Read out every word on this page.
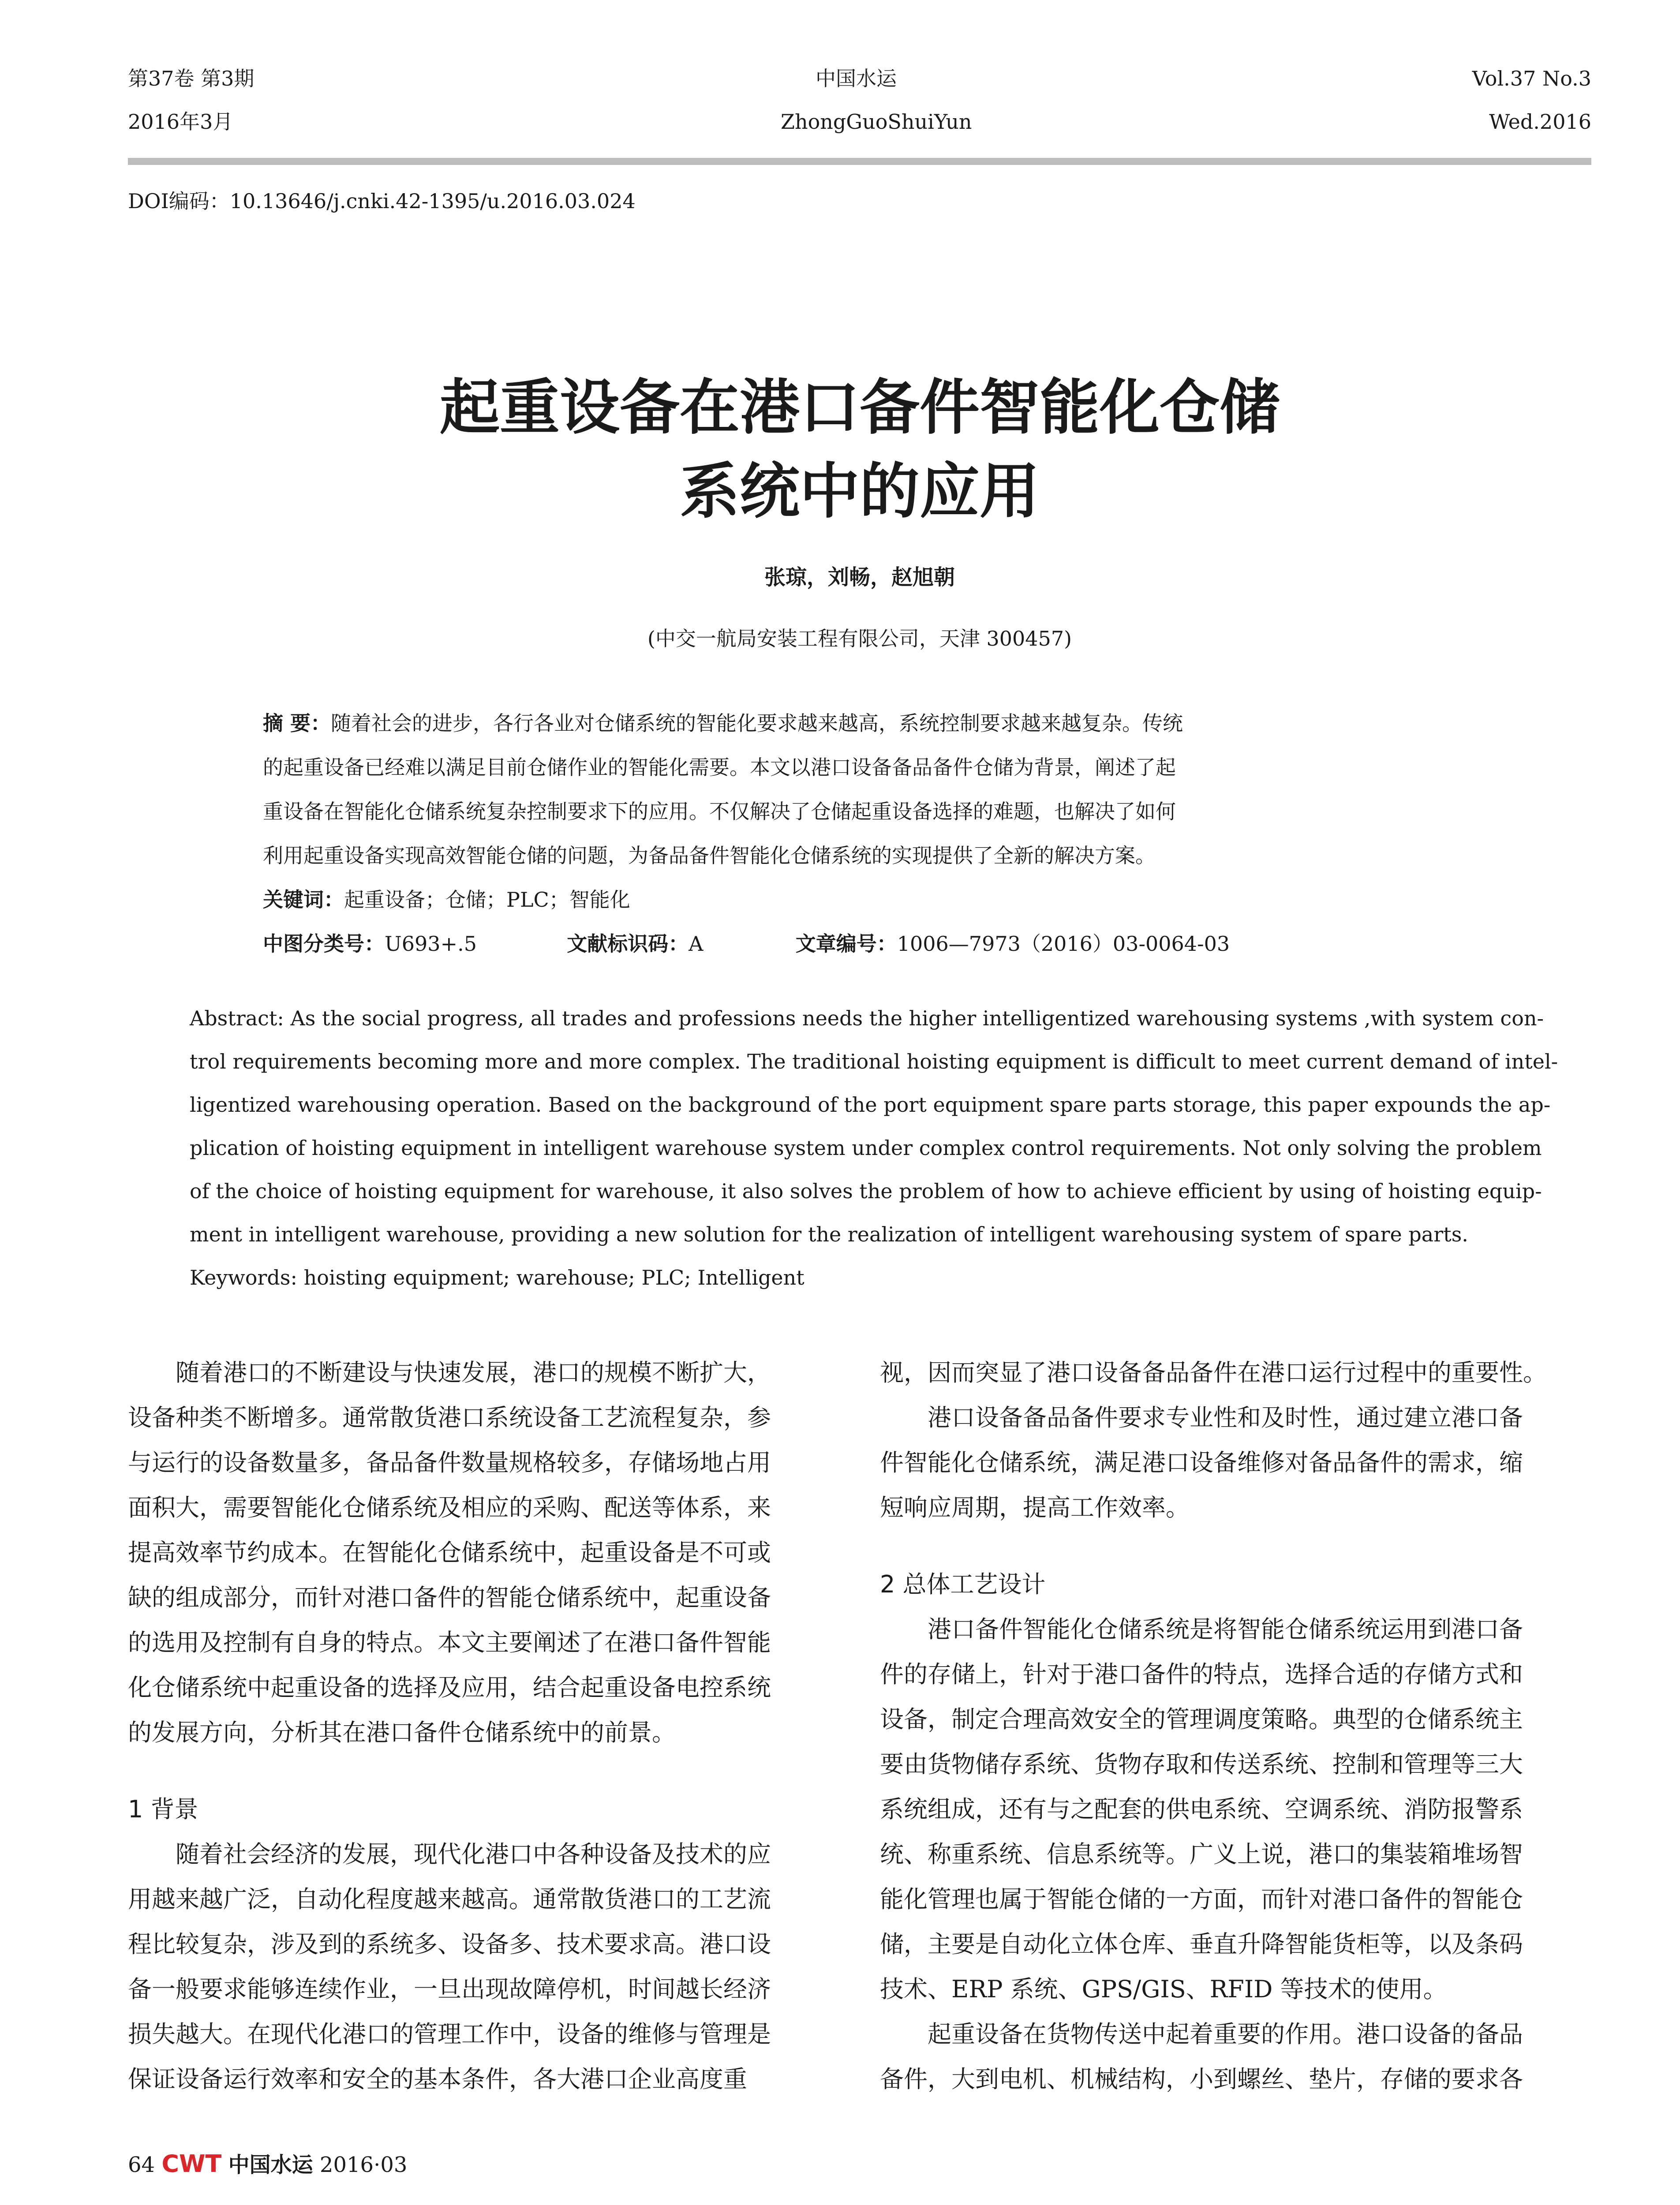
第37卷 第3期
2016年3月
中国水运
ZhongGuoShuiYun
Vol.37 No.3
Wed.2016
DOI编码：10.13646/j.cnki.42-1395/u.2016.03.024
起重设备在港口备件智能化仓储
系统中的应用
张琼，刘畅，赵旭朝
(中交一航局安装工程有限公司，天津 300457)
摘 要：随着社会的进步，各行各业对仓储系统的智能化要求越来越高，系统控制要求越来越复杂。传统
的起重设备已经难以满足目前仓储作业的智能化需要。本文以港口设备备品备件仓储为背景，阐述了起
重设备在智能化仓储系统复杂控制要求下的应用。不仅解决了仓储起重设备选择的难题，也解决了如何
利用起重设备实现高效智能仓储的问题，为备品备件智能化仓储系统的实现提供了全新的解决方案。
关键词：起重设备；仓储；PLC；智能化
中图分类号：U693+.5	文献标识码：A	文章编号：1006—7973（2016）03-0064-03
Abstract: As the social progress, all trades and professions needs the higher intelligentized warehousing systems ,with system con-
trol requirements becoming more and more complex. The traditional hoisting equipment is difficult to meet current demand of intel-
ligentized warehousing operation. Based on the background of the port equipment spare parts storage, this paper expounds the ap-
plication of hoisting equipment in intelligent warehouse system under complex control requirements. Not only solving the problem
of the choice of hoisting equipment for warehouse, it also solves the problem of how to achieve efficient by using of hoisting equip-
ment in intelligent warehouse, providing a new solution for the realization of intelligent warehousing system of spare parts.
Keywords: hoisting equipment; warehouse; PLC; Intelligent
随着港口的不断建设与快速发展，港口的规模不断扩大，
设备种类不断增多。通常散货港口系统设备工艺流程复杂，参
与运行的设备数量多，备品备件数量规格较多，存储场地占用
面积大，需要智能化仓储系统及相应的采购、配送等体系，来
提高效率节约成本。在智能化仓储系统中，起重设备是不可或
缺的组成部分，而针对港口备件的智能仓储系统中，起重设备
的选用及控制有自身的特点。本文主要阐述了在港口备件智能
化仓储系统中起重设备的选择及应用，结合起重设备电控系统
的发展方向，分析其在港口备件仓储系统中的前景。
1 背景
随着社会经济的发展，现代化港口中各种设备及技术的应
用越来越广泛，自动化程度越来越高。通常散货港口的工艺流
程比较复杂，涉及到的系统多、设备多、技术要求高。港口设
备一般要求能够连续作业，一旦出现故障停机，时间越长经济
损失越大。在现代化港口的管理工作中，设备的维修与管理是
保证设备运行效率和安全的基本条件，各大港口企业高度重
视，因而突显了港口设备备品备件在港口运行过程中的重要性。
港口设备备品备件要求专业性和及时性，通过建立港口备
件智能化仓储系统，满足港口设备维修对备品备件的需求，缩
短响应周期，提高工作效率。
2 总体工艺设计
港口备件智能化仓储系统是将智能仓储系统运用到港口备
件的存储上，针对于港口备件的特点，选择合适的存储方式和
设备，制定合理高效安全的管理调度策略。典型的仓储系统主
要由货物储存系统、货物存取和传送系统、控制和管理等三大
系统组成，还有与之配套的供电系统、空调系统、消防报警系
统、称重系统、信息系统等。广义上说，港口的集装箱堆场智
能化管理也属于智能仓储的一方面，而针对港口备件的智能仓
储，主要是自动化立体仓库、垂直升降智能货柜等，以及条码
技术、ERP 系统、GPS/GIS、RFID 等技术的使用。
起重设备在货物传送中起着重要的作用。港口设备的备品
备件，大到电机、机械结构，小到螺丝、垫片，存储的要求各
64 CWT 中国水运 2016·03
